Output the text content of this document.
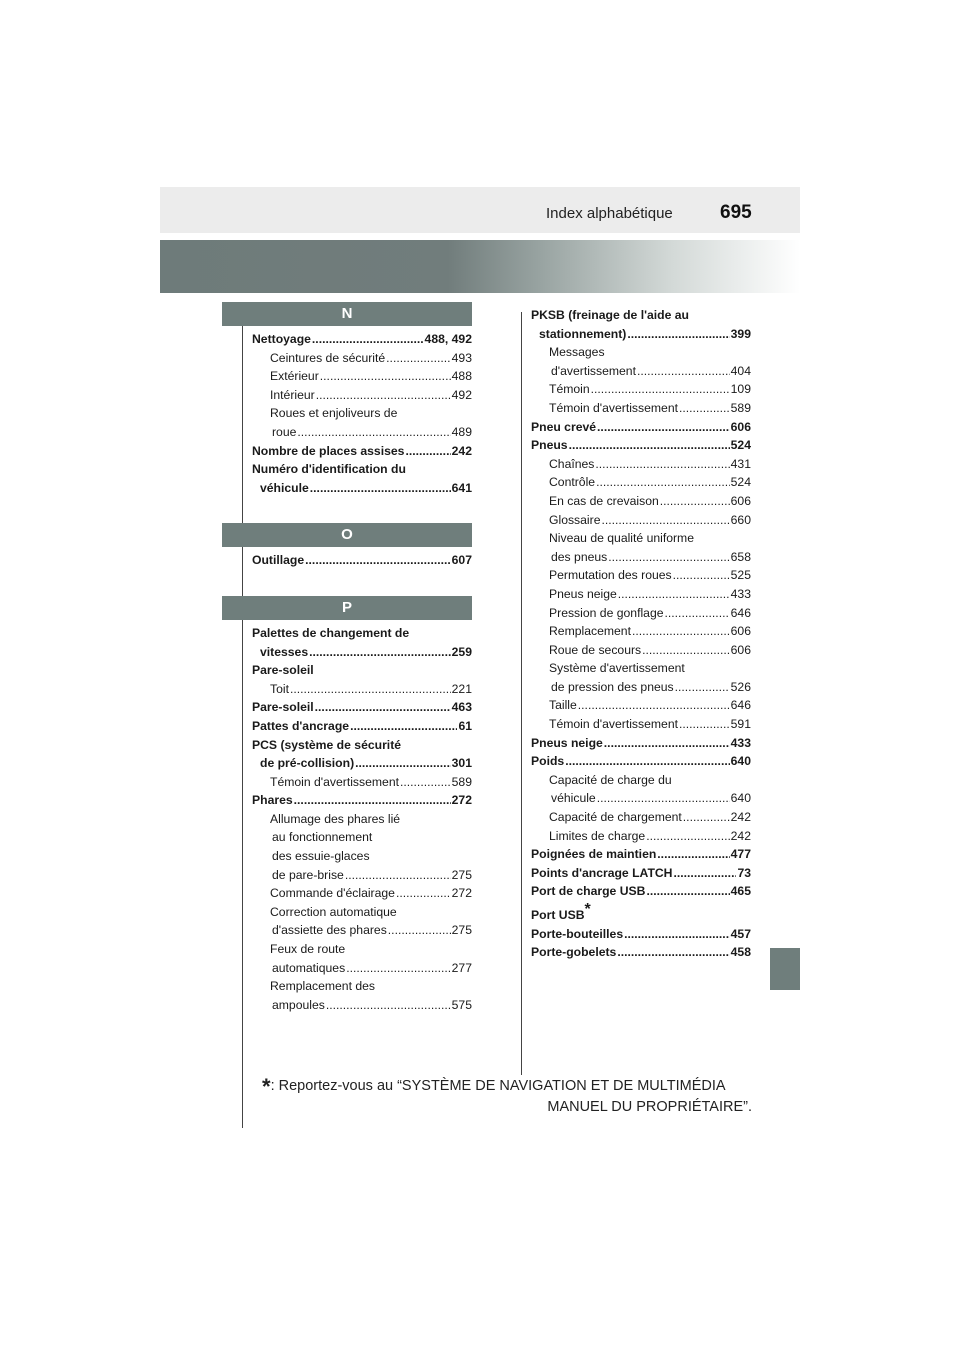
Index alphabétique 695
N
Nettoyage .....	488, 492
Ceintures de sécurité .....	493
Extérieur .....	488
Intérieur .....	492
Roues et enjoliveurs de
roue .....	489
Nombre de places assises .....	242
Numéro d'identification du
véhicule .....	641
O
Outillage .....	607
P
Palettes de changement de
vitesses .....	259
Pare-soleil
Toit .....	221
Pare-soleil .....	463
Pattes d'ancrage .....	61
PCS (système de sécurité
de pré-collision) .....	301
Témoin d'avertissement .....	589
Phares .....	272
Allumage des phares lié
au fonctionnement
des essuie-glaces
de pare-brise .....	275
Commande d'éclairage .....	272
Correction automatique
d'assiette des phares .....	275
Feux de route
automatiques .....	277
Remplacement des
ampoules .....	575
PKSB (freinage de l'aide au
stationnement) .....	399
Messages
d'avertissement .....	404
Témoin .....	109
Témoin d'avertissement .....	589
Pneu crevé .....	606
Pneus .....	524
Chaînes .....	431
Contrôle .....	524
En cas de crevaison .....	606
Glossaire .....	660
Niveau de qualité uniforme
des pneus .....	658
Permutation des roues .....	525
Pneus neige .....	433
Pression de gonflage .....	646
Remplacement .....	606
Roue de secours .....	606
Système d'avertissement
de pression des pneus .....	526
Taille .....	646
Témoin d'avertissement .....	591
Pneus neige .....	433
Poids .....	640
Capacité de charge du
véhicule .....	640
Capacité de chargement .....	242
Limites de charge .....	242
Poignées de maintien .....	477
Points d'ancrage LATCH .....	73
Port de charge USB .....	465
Port USB*
Porte-bouteilles .....	457
Porte-gobelets .....	458
*: Reportez-vous au “SYSTÈME DE NAVIGATION ET DE MULTIMÉDIA
MANUEL DU PROPRIÉTAIRE”.
